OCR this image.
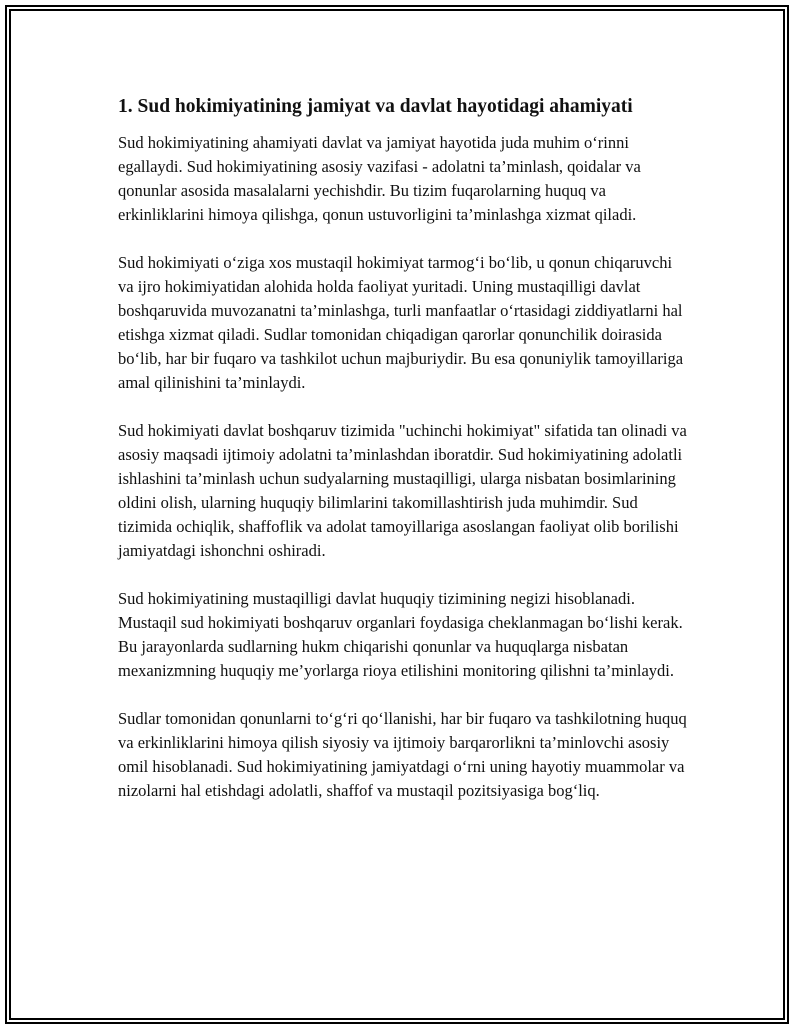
1. Sud hokimiyatining jamiyat va davlat hayotidagi ahamiyati

Sud hokimiyatining ahamiyati davlat va jamiyat hayotida juda muhim o‘rinni egallaydi. Sud hokimiyatining asosiy vazifasi - adolatni ta’minlash, qoidalar va qonunlar asosida masalalarni yechishdir. Bu tizim fuqarolarning huquq va erkinliklarini himoya qilishga, qonun ustuvorligini ta’minlashga xizmat qiladi.

Sud hokimiyati o‘ziga xos mustaqil hokimiyat tarmog‘i bo‘lib, u qonun chiqaruvchi va ijro hokimiyatidan alohida holda faoliyat yuritadi. Uning mustaqilligi davlat boshqaruvida muvozanatni ta’minlashga, turli manfaatlar o‘rtasidagi ziddiyatlarni hal etishga xizmat qiladi. Sudlar tomonidan chiqadigan qarorlar qonunchilik doirasida bo‘lib, har bir fuqaro va tashkilot uchun majburiydir. Bu esa qonuniylik tamoyillariga amal qilinishini ta’minlaydi.

Sud hokimiyati davlat boshqaruv tizimida "uchinchi hokimiyat" sifatida tan olinadi va asosiy maqsadi ijtimoiy adolatni ta’minlashdan iboratdir. Sud hokimiyatining adolatli ishlashini ta’minlash uchun sudyalarning mustaqilligi, ularga nisbatan bosimlarining oldini olish, ularning huquqiy bilimlarini takomillashtirish juda muhimdir. Sud tizimida ochiqlik, shaffoflik va adolat tamoyillariga asoslangan faoliyat olib borilishi jamiyatdagi ishonchni oshiradi.

Sud hokimiyatining mustaqilligi davlat huquqiy tizimining negizi hisoblanadi. Mustaqil sud hokimiyati boshqaruv organlari foydasiga cheklanmagan bo‘lishi kerak. Bu jarayonlarda sudlarning hukm chiqarishi qonunlar va huquqlarga nisbatan mexanizmning huquqiy me’yorlarga rioya etilishini monitoring qilishni ta’minlaydi.

Sudlar tomonidan qonunlarni to‘g‘ri qo‘llanishi, har bir fuqaro va tashkilotning huquq va erkinliklarini himoya qilish siyosiy va ijtimoiy barqarorlikni ta’minlovchi asosiy omil hisoblanadi. Sud hokimiyatining jamiyatdagi o‘rni uning hayotiy muammolar va nizolarni hal etishdagi adolatli, shaffof va mustaqil pozitsiyasiga bog‘liq.
